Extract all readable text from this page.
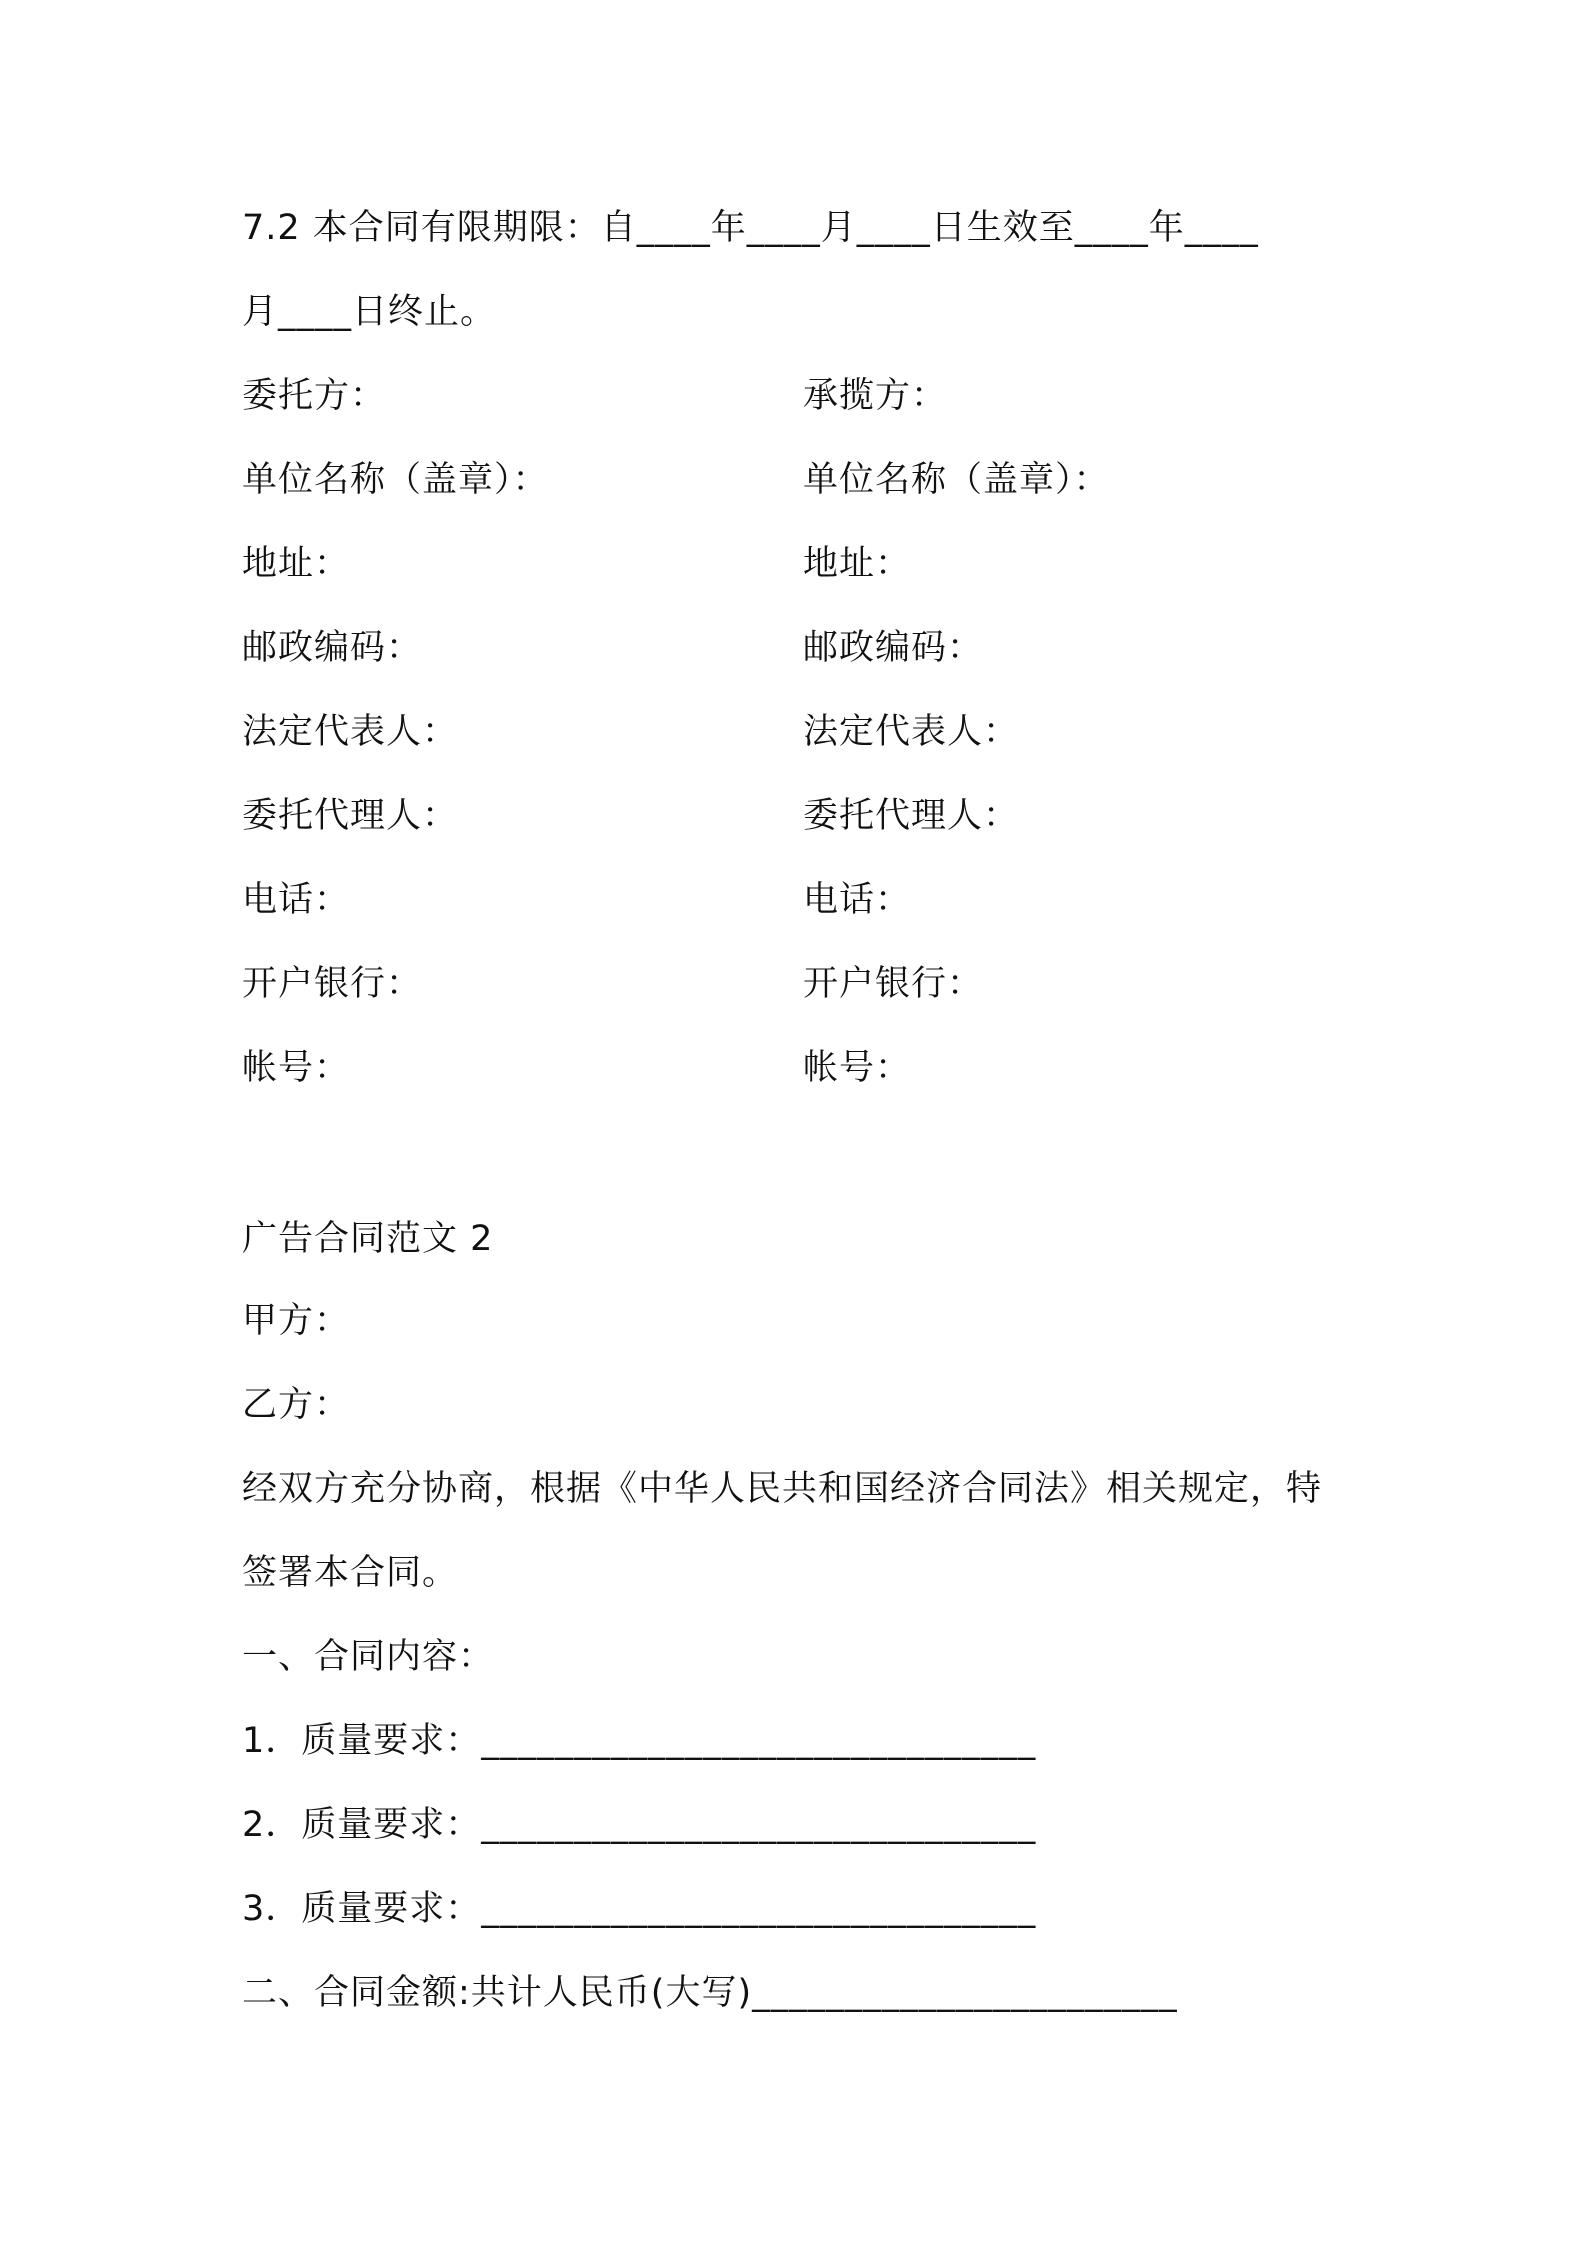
7.2 本合同有限期限：自____年____月____日生效至____年____
月____日终止。
委托方：	承揽方：
单位名称（盖章）：	单位名称（盖章）：
地址：	地址：
邮政编码：	邮政编码：
法定代表人：	法定代表人：
委托代理人：	委托代理人：
电话：	电话：
开户银行：	开户银行：
帐号：	帐号：
广告合同范文 2
甲方：
乙方：
经双方充分协商，根据《中华人民共和国经济合同法》相关规定，特
签署本合同。
一、合同内容：
1．质量要求：______________________________
2．质量要求：______________________________
3．质量要求：______________________________
二、合同金额:共计人民币(大写)_______________________
